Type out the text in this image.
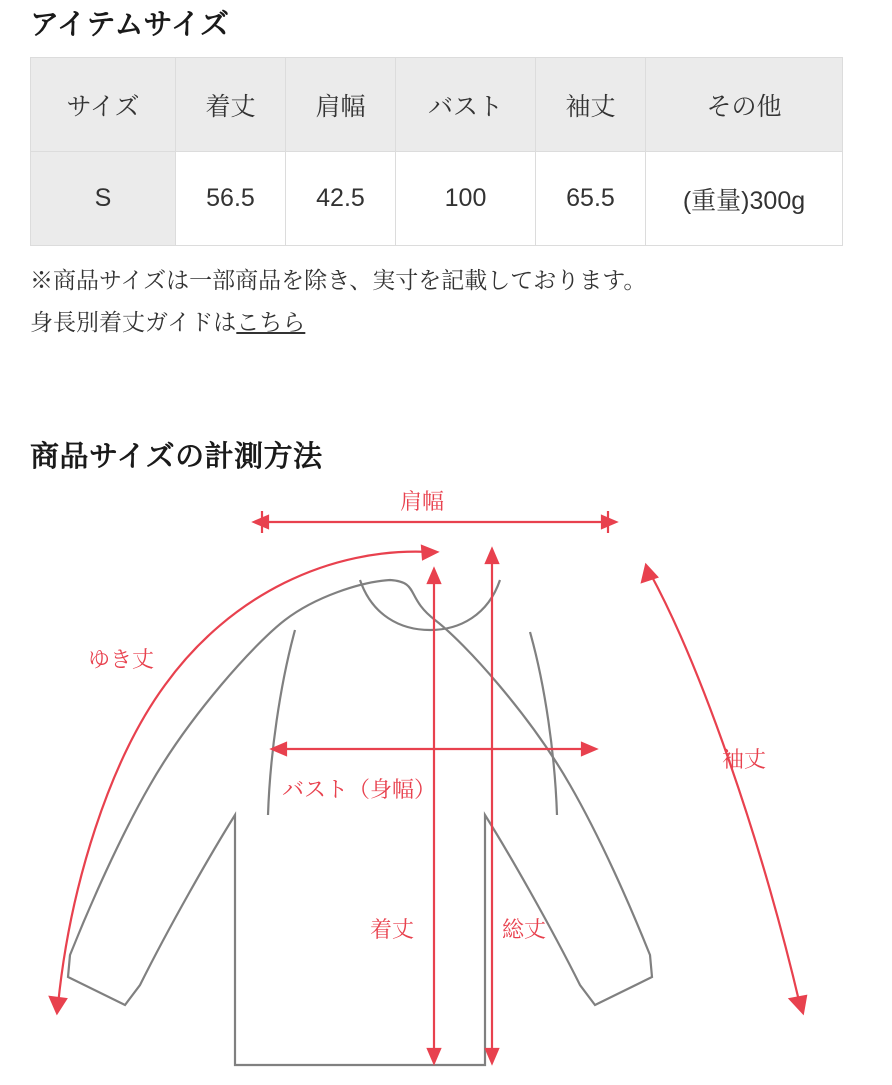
アイテムサイズ
サイズ	着丈	肩幅	バスト	袖丈	その他
S	56.5	42.5	100	65.5	(重量)300g
※商品サイズは一部商品を除き、実寸を記載しております。
身長別着丈ガイドはこちら
商品サイズの計測方法
肩幅
ゆき丈
袖丈
バスト（身幅）
着丈	総丈
